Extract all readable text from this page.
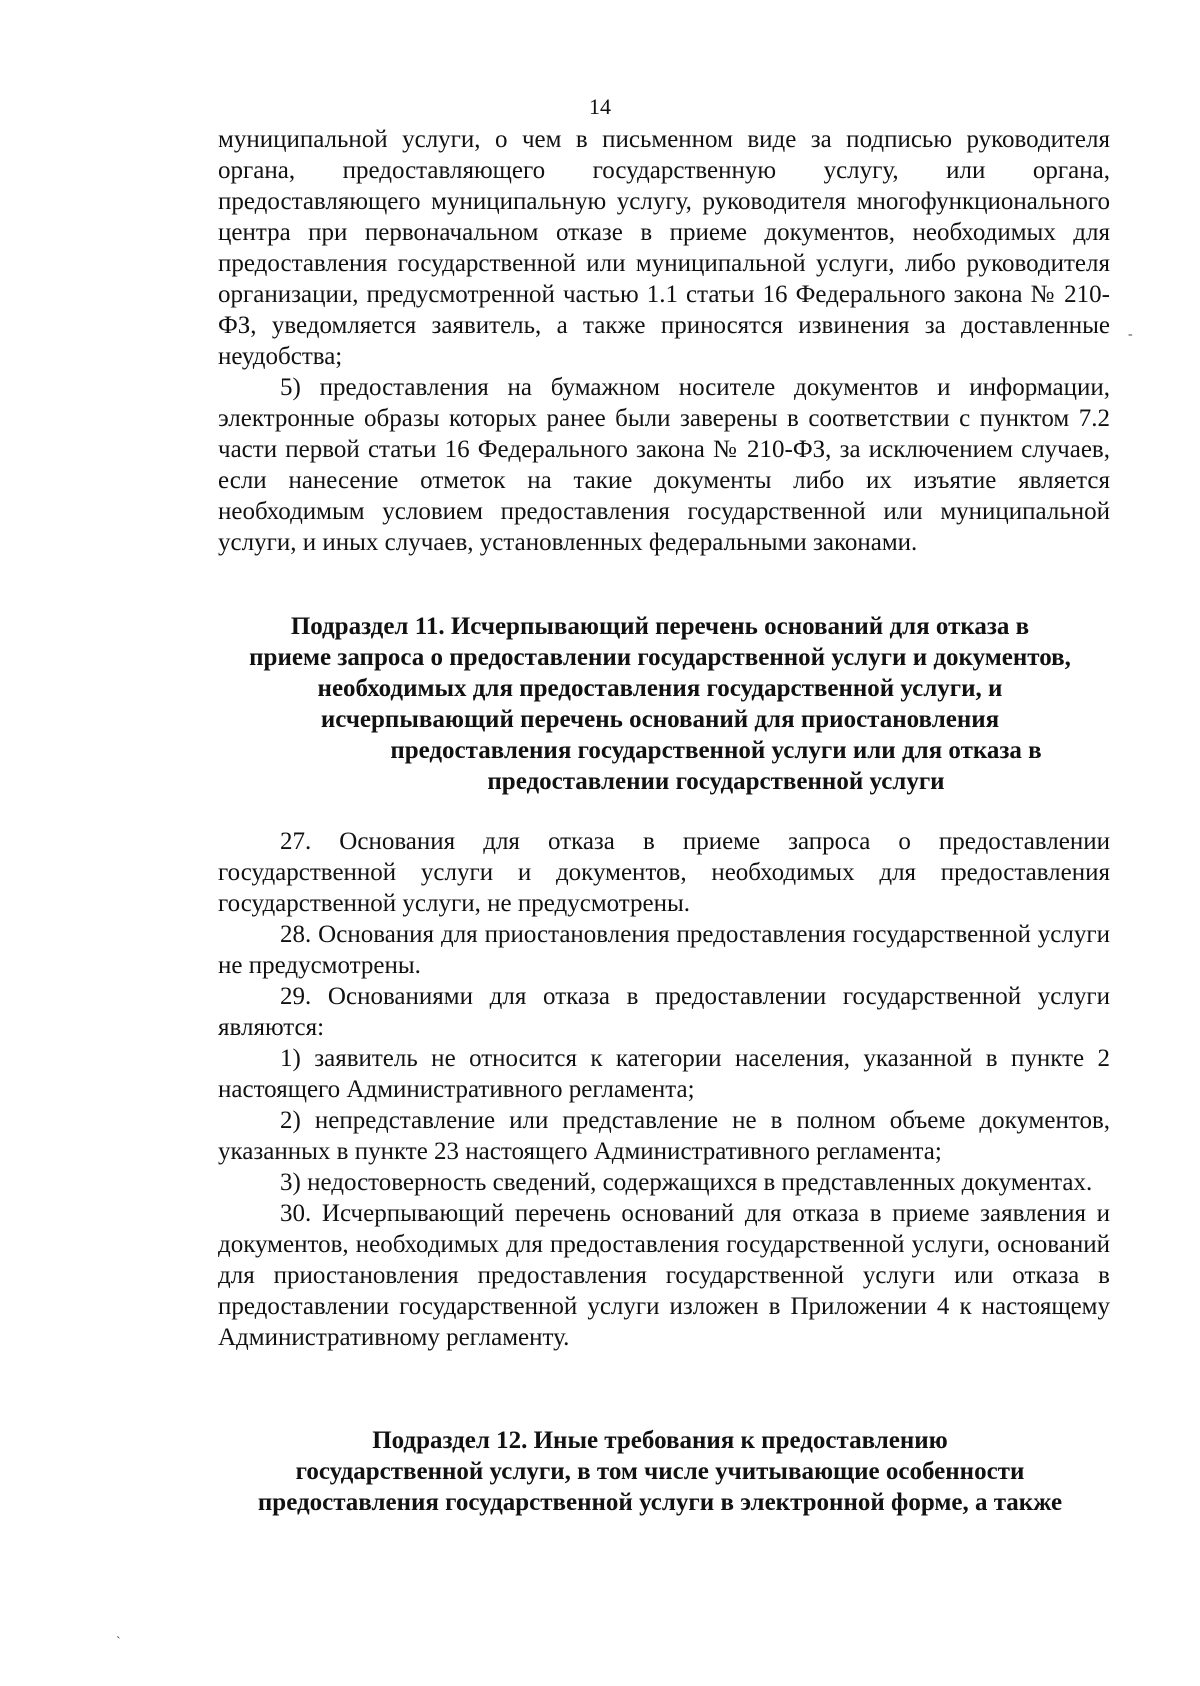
14

муниципальной услуги, о чем в письменном виде за подписью руководителя органа, предоставляющего государственную услугу, или органа, предоставляющего муниципальную услугу, руководителя многофункционального центра при первоначальном отказе в приеме документов, необходимых для предоставления государственной или муниципальной услуги, либо руководителя организации, предусмотренной частью 1.1 статьи 16 Федерального закона № 210-ФЗ, уведомляется заявитель, а также приносятся извинения за доставленные неудобства;

5) предоставления на бумажном носителе документов и информации, электронные образы которых ранее были заверены в соответствии с пунктом 7.2 части первой статьи 16 Федерального закона № 210-ФЗ, за исключением случаев, если нанесение отметок на такие документы либо их изъятие является необходимым условием предоставления государственной или муниципальной услуги, и иных случаев, установленных федеральными законами.

Подраздел 11. Исчерпывающий перечень оснований для отказа в
приеме запроса о предоставлении государственной услуги и документов,
необходимых для предоставления государственной услуги, и
исчерпывающий перечень оснований для приостановления
предоставления государственной услуги или для отказа в
предоставлении государственной услуги

27. Основания для отказа в приеме запроса о предоставлении государственной услуги и документов, необходимых для предоставления государственной услуги, не предусмотрены.

28. Основания для приостановления предоставления государственной услуги не предусмотрены.

29. Основаниями для отказа в предоставлении государственной услуги являются:

1) заявитель не относится к категории населения, указанной в пункте 2 настоящего Административного регламента;

2) непредставление или представление не в полном объеме документов, указанных в пункте 23 настоящего Административного регламента;

3) недостоверность сведений, содержащихся в представленных документах.

30. Исчерпывающий перечень оснований для отказа в приеме заявления и документов, необходимых для предоставления государственной услуги, оснований для приостановления предоставления государственной услуги или отказа в предоставлении государственной услуги изложен в Приложении 4 к настоящему Административному регламенту.

Подраздел 12. Иные требования к предоставлению
государственной услуги, в том числе учитывающие особенности
предоставления государственной услуги в электронной форме, а также
-
`
